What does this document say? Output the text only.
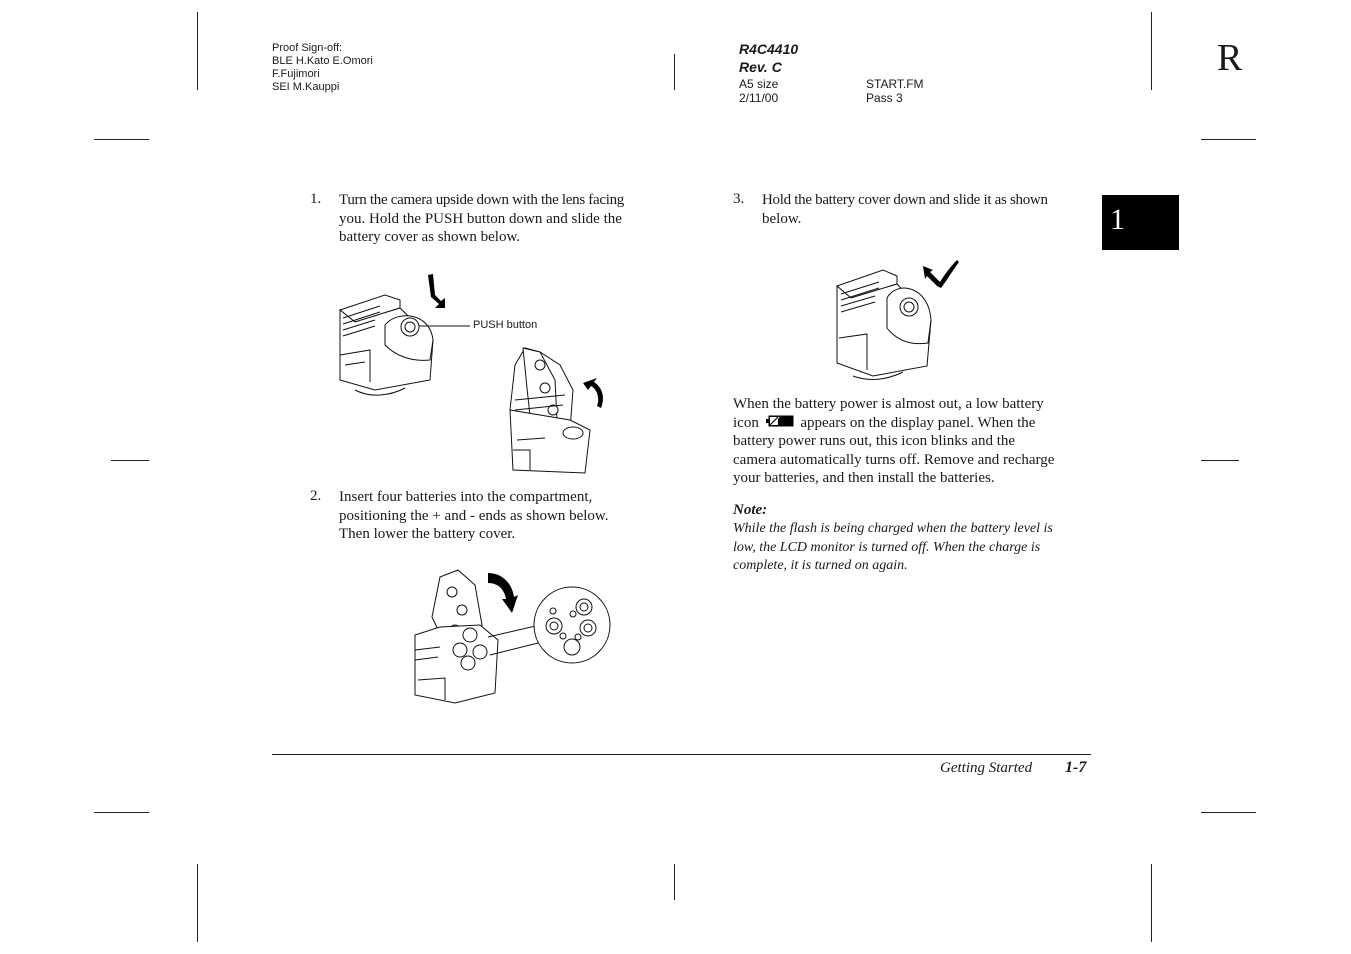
Proof Sign-off:
BLE H.Kato E.Omori
F.Fujimori
SEI M.Kauppi
R4C4410
Rev. C
A5 size
2/11/00
START.FM
Pass 3
R
1
1. Turn the camera upside down with the lens facing
you. Hold the PUSH button down and slide the
battery cover as shown below.
PUSH button
2. Insert four batteries into the compartment,
positioning the + and - ends as shown below.
Then lower the battery cover.
3. Hold the battery cover down and slide it as shown
below.
When the battery power is almost out, a low battery
icon	appears on the display panel. When the
battery power runs out, this icon blinks and the
camera automatically turns off. Remove and recharge
your batteries, and then install the batteries.
Note:
While the flash is being charged when the battery level is
low, the LCD monitor is turned off. When the charge is
complete, it is turned on again.
Getting Started 1-7
